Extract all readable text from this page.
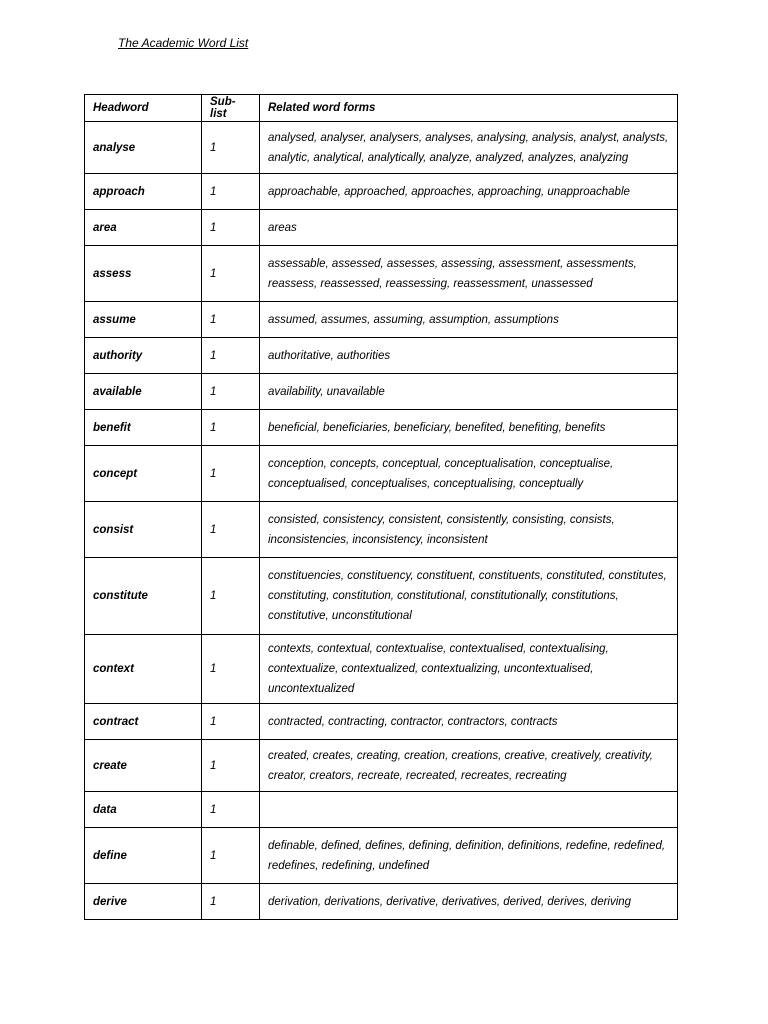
The Academic Word List
Headword	Sub-list	Related word forms
analyse	1	analysed, analyser, analysers, analyses, analysing, analysis, analyst, analysts, analytic, analytical, analytically, analyze, analyzed, analyzes, analyzing
approach	1	approachable, approached, approaches, approaching, unapproachable
area	1	areas
assess	1	assessable, assessed, assesses, assessing, assessment, assessments, reassess, reassessed, reassessing, reassessment, unassessed
assume	1	assumed, assumes, assuming, assumption, assumptions
authority	1	authoritative, authorities
available	1	availability, unavailable
benefit	1	beneficial, beneficiaries, beneficiary, benefited, benefiting, benefits
concept	1	conception, concepts, conceptual, conceptualisation, conceptualise, conceptualised, conceptualises, conceptualising, conceptually
consist	1	consisted, consistency, consistent, consistently, consisting, consists, inconsistencies, inconsistency, inconsistent
constitute	1	constituencies, constituency, constituent, constituents, constituted, constitutes, constituting, constitution, constitutional, constitutionally, constitutions, constitutive, unconstitutional
context	1	contexts, contextual, contextualise, contextualised, contextualising, contextualize, contextualized, contextualizing, uncontextualised, uncontextualized
contract	1	contracted, contracting, contractor, contractors, contracts
create	1	created, creates, creating, creation, creations, creative, creatively, creativity, creator, creators, recreate, recreated, recreates, recreating
data	1	
define	1	definable, defined, defines, defining, definition, definitions, redefine, redefined, redefines, redefining, undefined
derive	1	derivation, derivations, derivative, derivatives, derived, derives, deriving
